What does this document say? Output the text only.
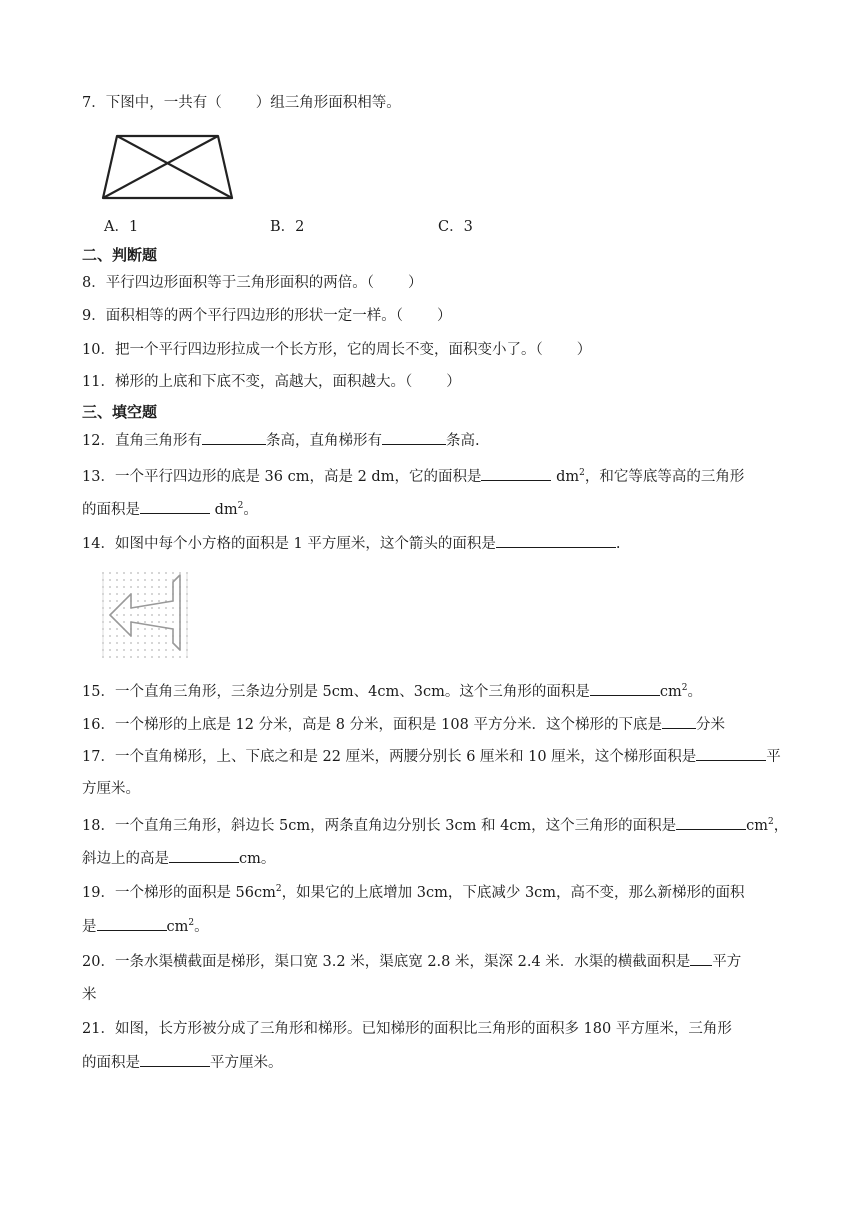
7．下图中，一共有（ ）组三角形面积相等。
A．1	B．2	C．3
二、判断题
8．平行四边形面积等于三角形面积的两倍。（ ）
9．面积相等的两个平行四边形的形状一定一样。（ ）
10．把一个平行四边形拉成一个长方形，它的周长不变，面积变小了。（ ）
11．梯形的上底和下底不变，高越大，面积越大。（ ）
三、填空题
12．直角三角形有	条高，直角梯形有	条高.
13．一个平行四边形的底是 36 cm，高是 2 dm，它的面积是	$dm^2$，和它等底等高的三角形
的面积是	$dm^2$。
14．如图中每个小方格的面积是 1 平方厘米，这个箭头的面积是	.
15．一个直角三角形，三条边分别是 5cm、4cm、3cm。这个三角形的面积是	$cm^2$。
16．一个梯形的上底是 12 分米，高是 8 分米，面积是 108 平方分米．这个梯形的下底是 分米
17．一个直角梯形，上、下底之和是 22 厘米，两腰分别长 6 厘米和 10 厘米，这个梯形面积是	平
方厘米。
18．一个直角三角形，斜边长 5cm，两条直角边分别长 3cm 和 4cm，这个三角形的面积是	$cm^2$，
斜边上的高是	cm。
19．一个梯形的面积是 $56cm^2$，如果它的上底增加 3cm，下底减少 3cm，高不变，那么新梯形的面积
是	$cm^2$。
20．一条水渠横截面是梯形，渠口宽 3.2 米，渠底宽 2.8 米，渠深 2.4 米．水渠的横截面积是 平方
米
21．如图，长方形被分成了三角形和梯形。已知梯形的面积比三角形的面积多 180 平方厘米，三角形
的面积是	平方厘米。
